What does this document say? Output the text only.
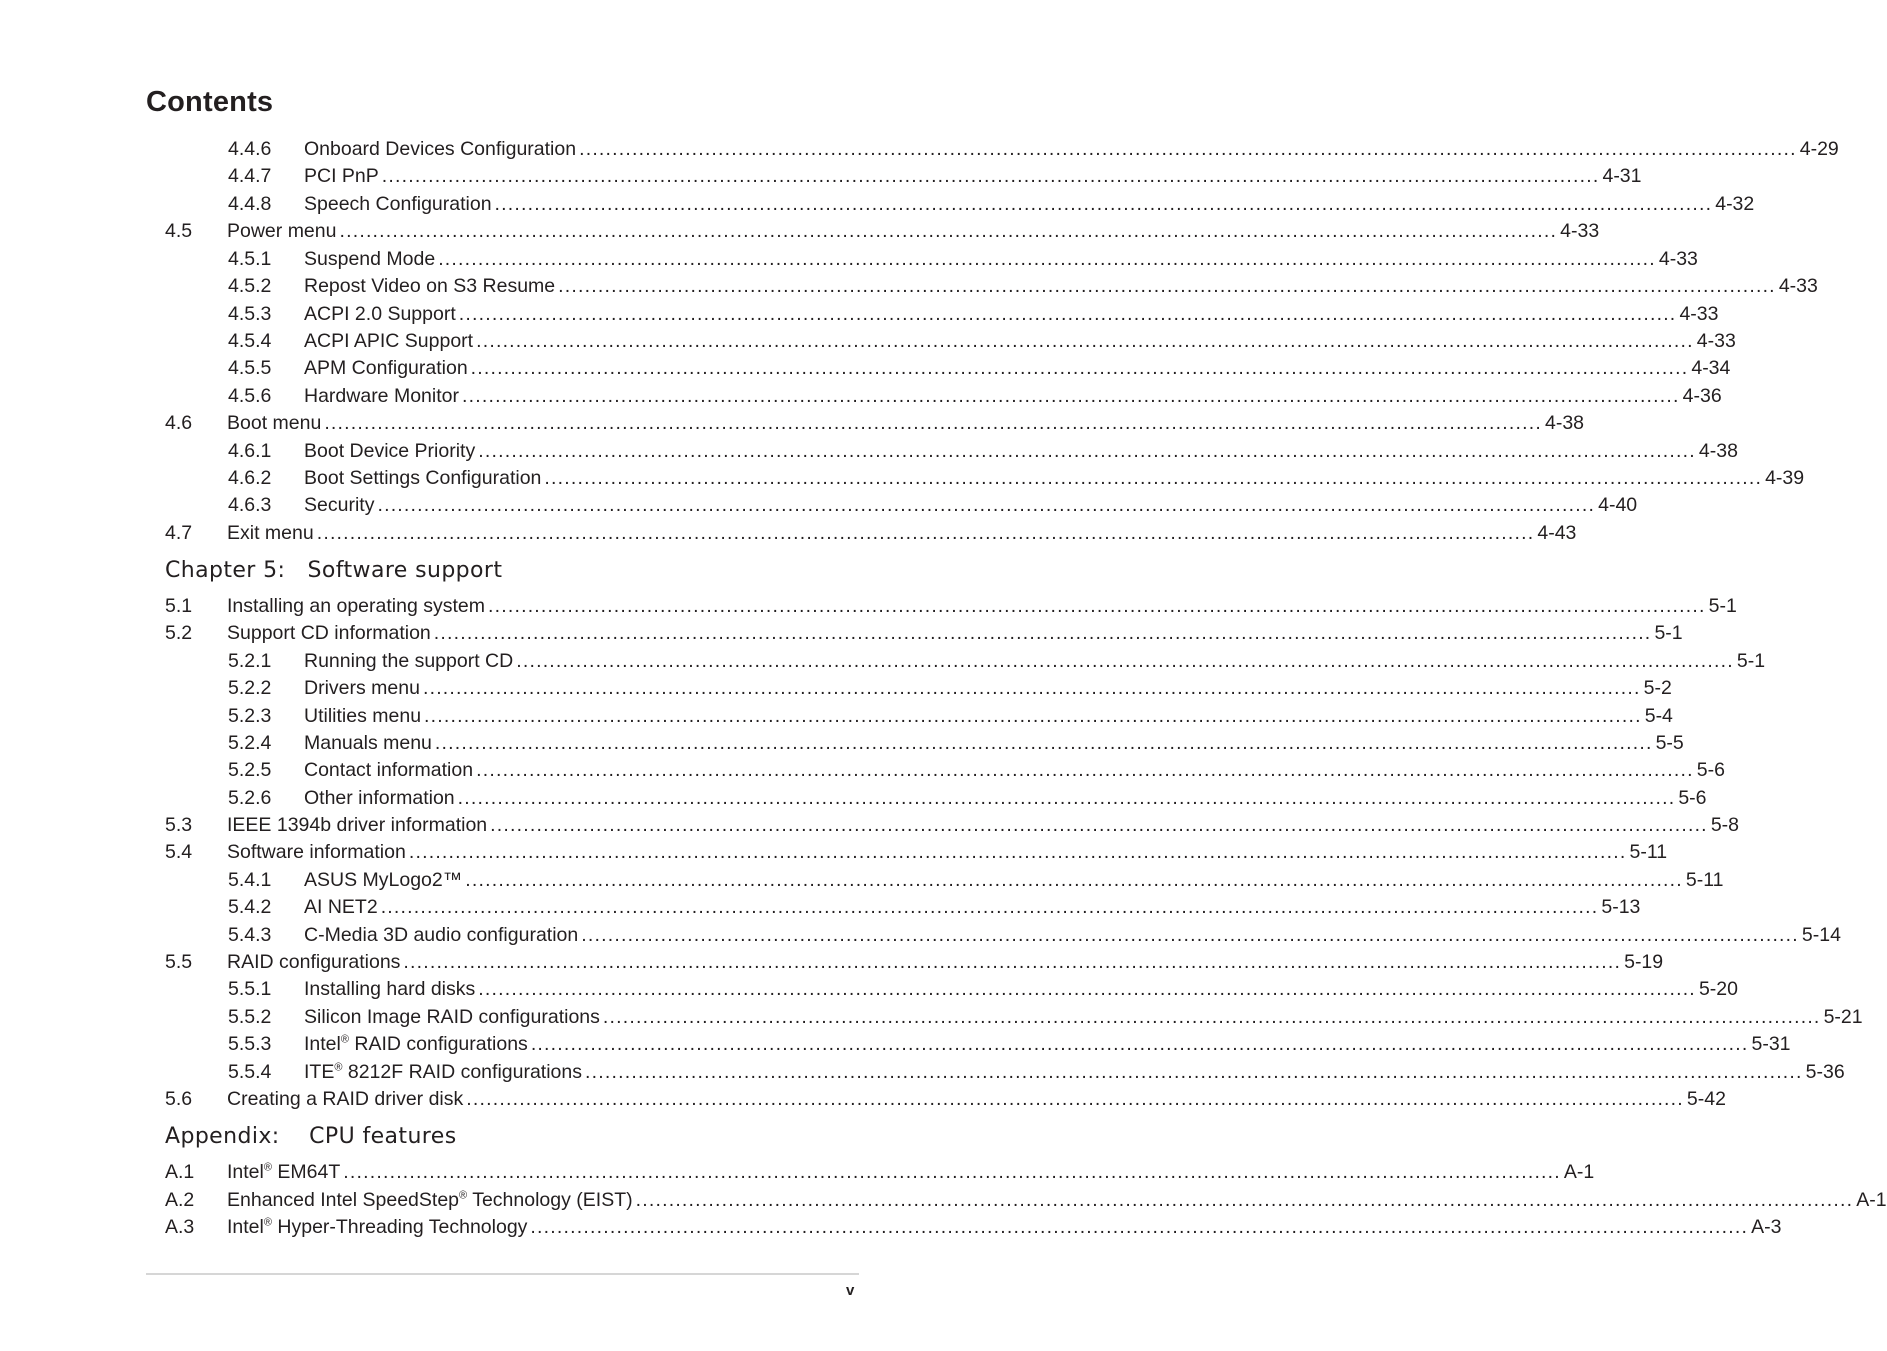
Contents
4.4.6	Onboard Devices Configuration ........................................................................................................................................................................................ 4-29
4.4.7	PCI PnP ........................................................................................................................................................................................ 4-31
4.4.8	Speech Configuration ........................................................................................................................................................................................ 4-32
4.5	Power menu ........................................................................................................................................................................................ 4-33
4.5.1	Suspend Mode ........................................................................................................................................................................................ 4-33
4.5.2	Repost Video on S3 Resume ........................................................................................................................................................................................ 4-33
4.5.3	ACPI 2.0 Support ........................................................................................................................................................................................ 4-33
4.5.4	ACPI APIC Support ........................................................................................................................................................................................ 4-33
4.5.5	APM Configuration ........................................................................................................................................................................................ 4-34
4.5.6	Hardware Monitor ........................................................................................................................................................................................ 4-36
4.6	Boot menu ........................................................................................................................................................................................ 4-38
4.6.1	Boot Device Priority ........................................................................................................................................................................................ 4-38
4.6.2	Boot Settings Configuration ........................................................................................................................................................................................ 4-39
4.6.3	Security ........................................................................................................................................................................................ 4-40
4.7	Exit menu ........................................................................................................................................................................................ 4-43
Chapter 5:   Software support
5.1	Installing an operating system ........................................................................................................................................................................................ 5-1
5.2	Support CD information ........................................................................................................................................................................................ 5-1
5.2.1	Running the support CD ........................................................................................................................................................................................ 5-1
5.2.2	Drivers menu ........................................................................................................................................................................................ 5-2
5.2.3	Utilities menu ........................................................................................................................................................................................ 5-4
5.2.4	Manuals menu ........................................................................................................................................................................................ 5-5
5.2.5	Contact information ........................................................................................................................................................................................ 5-6
5.2.6	Other information ........................................................................................................................................................................................ 5-6
5.3	IEEE 1394b driver information ........................................................................................................................................................................................ 5-8
5.4	Software information ........................................................................................................................................................................................ 5-11
5.4.1	ASUS MyLogo2™ ........................................................................................................................................................................................ 5-11
5.4.2	AI NET2 ........................................................................................................................................................................................ 5-13
5.4.3	C-Media 3D audio configuration ........................................................................................................................................................................................ 5-14
5.5	RAID configurations ........................................................................................................................................................................................ 5-19
5.5.1	Installing hard disks ........................................................................................................................................................................................ 5-20
5.5.2	Silicon Image RAID configurations ........................................................................................................................................................................................ 5-21
5.5.3	Intel® RAID configurations ........................................................................................................................................................................................ 5-31
5.5.4	ITE® 8212F RAID configurations ........................................................................................................................................................................................ 5-36
5.6	Creating a RAID driver disk ........................................................................................................................................................................................ 5-42
Appendix:    CPU features
A.1	Intel® EM64T ........................................................................................................................................................................................ A-1
A.2	Enhanced Intel SpeedStep® Technology (EIST) ........................................................................................................................................................................................ A-1
A.3	Intel® Hyper-Threading Technology ........................................................................................................................................................................................ A-3
v
